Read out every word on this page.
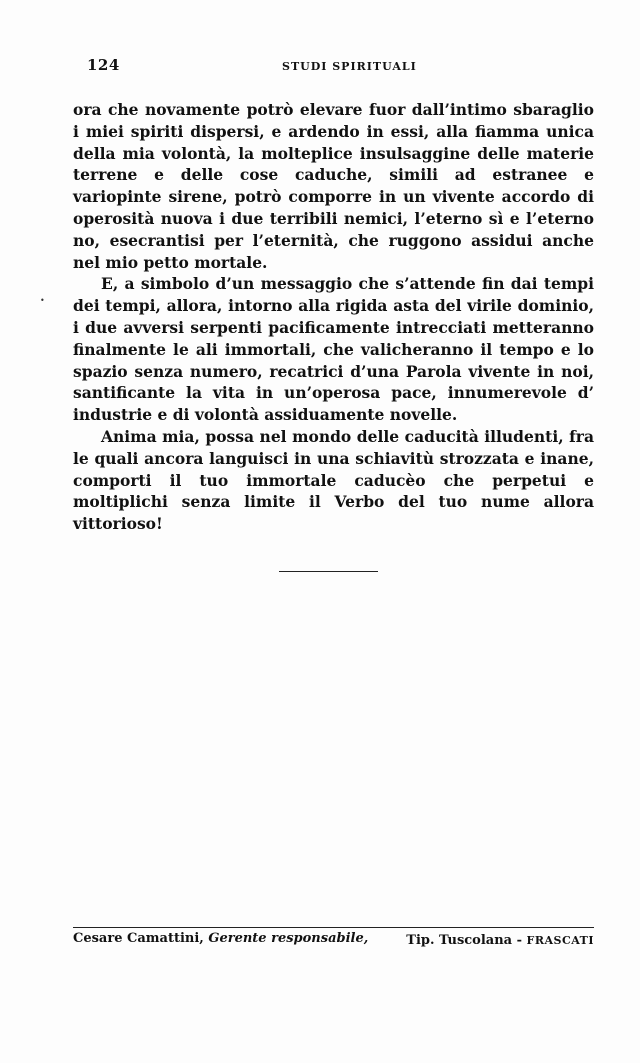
124	STUDI SPIRITUALI
•

ora che novamente potrò elevare fuor dall’intimo sbaraglio i miei spiriti dispersi, e ardendo in essi, alla fiamma unica della mia volontà, la molteplice insulsaggine delle materie terrene e delle cose caduche, simili ad estranee e variopinte sirene, potrò comporre in un vivente accordo di operosità nuova i due terribili nemici, l’eterno sì e l’eterno no, esecrantisi per l’eternità, che ruggono assidui anche nel mio petto mortale.

E, a simbolo d’un messaggio che s’attende fin dai tempi dei tempi, allora, intorno alla rigida asta del virile dominio, i due avversi serpenti pacificamente intrecciati metteranno finalmente le ali immortali, che valicheranno il tempo e lo spazio senza numero, recatrici d’una Parola vivente in noi, santificante la vita in un’operosa pace, innumerevole d’ industrie e di volontà assiduamente novelle.

Anima mia, possa nel mondo delle caducità illudenti, fra le quali ancora languisci in una schiavitù strozzata e inane, comporti il tuo immortale caducèo che perpetui e moltiplichi senza limite il Verbo del tuo nume allora vittorioso!

Cesare Camattini, Gerente responsabile,	Tip. Tuscolana - FRASCATI
